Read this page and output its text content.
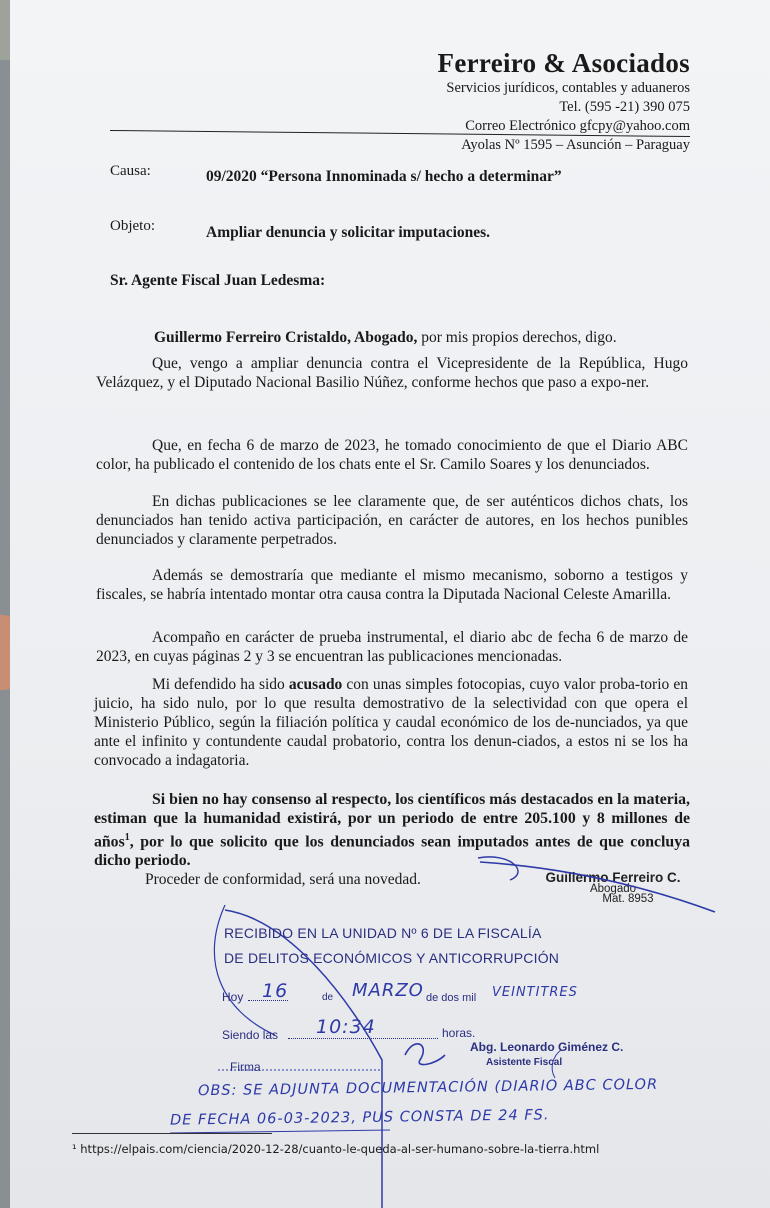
Ferreiro & Asociados
Servicios jurídicos, contables y aduaneros
Tel. (595 -21) 390 075
Correo Electrónico gfcpy@yahoo.com
Ayolas Nº 1595 – Asunción – Paraguay
Causa:	09/2020 “Persona Innominada s/ hecho a determinar”
Objeto:	Ampliar denuncia y solicitar imputaciones.
Sr. Agente Fiscal Juan Ledesma:
Guillermo Ferreiro Cristaldo, Abogado, por mis propios derechos, digo.
Que, vengo a ampliar denuncia contra el Vicepresidente de la República, Hugo Velázquez, y el Diputado Nacional Basilio Núñez, conforme hechos que paso a expo-ner.
Que, en fecha 6 de marzo de 2023, he tomado conocimiento de que el Diario ABC color, ha publicado el contenido de los chats ente el Sr. Camilo Soares y los denunciados.
En dichas publicaciones se lee claramente que, de ser auténticos dichos chats, los denunciados han tenido activa participación, en carácter de autores, en los hechos punibles denunciados y claramente perpetrados.
Además se demostraría que mediante el mismo mecanismo, soborno a testigos y fiscales, se habría intentado montar otra causa contra la Diputada Nacional Celeste Amarilla.
Acompaño en carácter de prueba instrumental, el diario abc de fecha 6 de marzo de 2023, en cuyas páginas 2 y 3 se encuentran las publicaciones mencionadas.
Mi defendido ha sido acusado con unas simples fotocopias, cuyo valor proba-torio en juicio, ha sido nulo, por lo que resulta demostrativo de la selectividad con que opera el Ministerio Público, según la filiación política y caudal económico de los de-nunciados, ya que ante el infinito y contundente caudal probatorio, contra los denun-ciados, a estos ni se los ha convocado a indagatoria.
Si bien no hay consenso al respecto, los científicos más destacados en la materia, estiman que la humanidad existirá, por un periodo de entre 205.100 y 8 millones de años$^1$, por lo que solicito que los denunciados sean imputados antes de que concluya dicho periodo.
Proceder de conformidad, será una novedad.	Guillermo Ferreiro C.
Abogado
Mat. 8953
RECIBIDO EN LA UNIDAD Nº 6 DE LA FISCALÍA
DE DELITOS ECONÓMICOS Y ANTICORRUPCIÓN
Hoy 16	de MARZO de dos mil VEINTITRES
Siendo las 10:34	horas.
Abg. Leonardo Giménez C.
Asistente Fiscal
Firma
OBS: SE ADJUNTA DOCUMENTACIÓN (DIARIO ABC COLOR
DE FECHA 06-03-2023, PUS CONSTA DE 24 FS.
¹ https://elpais.com/ciencia/2020-12-28/cuanto-le-queda-al-ser-humano-sobre-la-tierra.html
